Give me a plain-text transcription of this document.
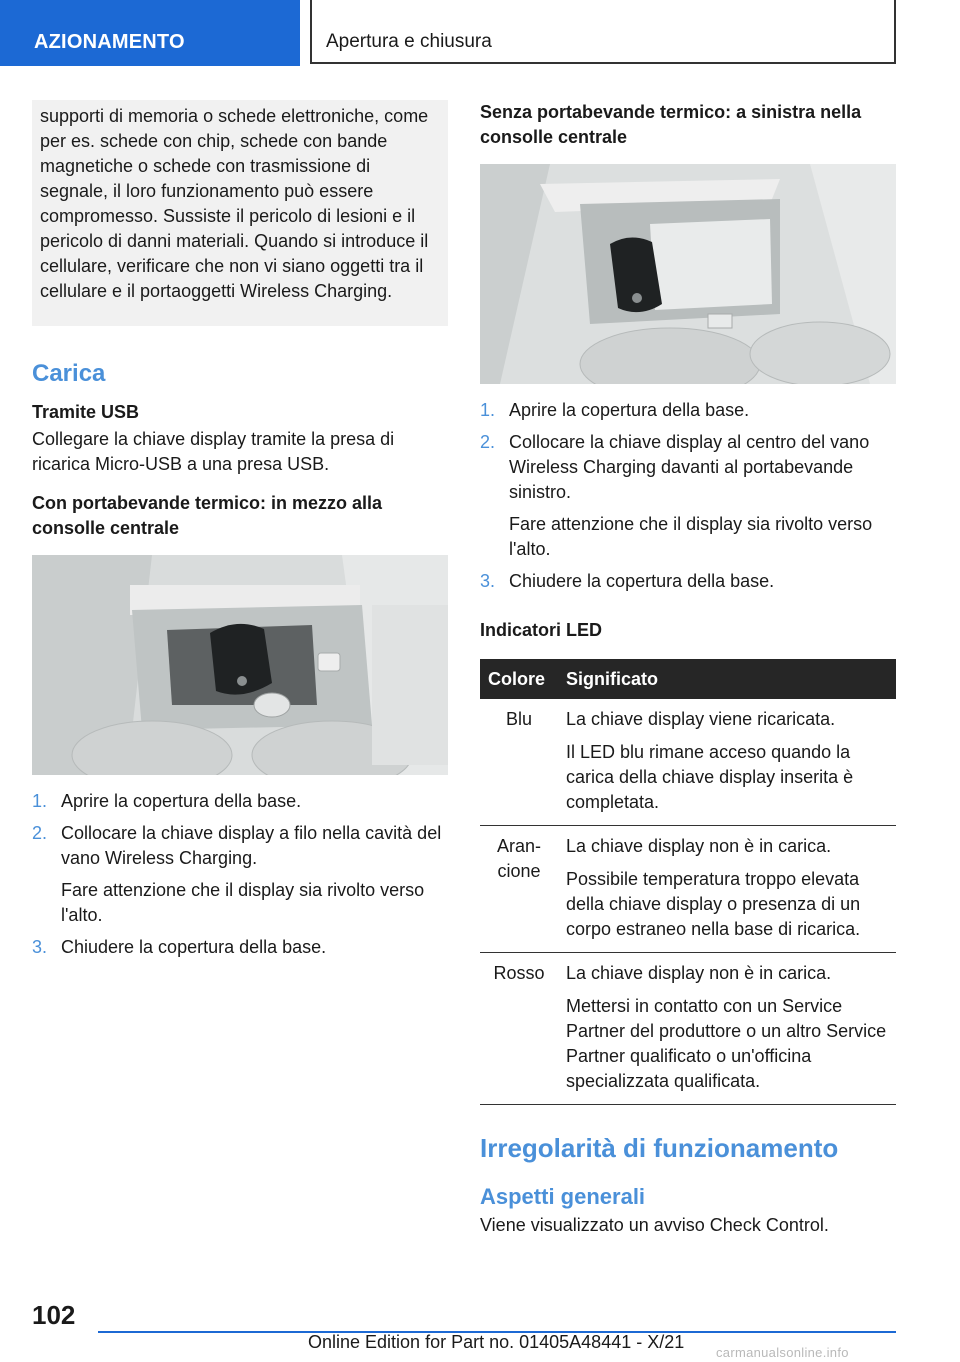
AZIONAMENTO	Apertura e chiusura
supporti di memoria o schede elettroniche, come per es. schede con chip, schede con bande magnetiche o schede con trasmissione di segnale, il loro funzionamento può essere compromesso. Sussiste il pericolo di lesioni e il pericolo di danni materiali. Quando si introduce il cellulare, verificare che non vi siano oggetti tra il cellulare e il portaoggetti Wireless Charging.
Carica
Tramite USB

Collegare la chiave display tramite la presa di ricarica Micro-USB a una presa USB.

Con portabevande termico: in mezzo alla consolle centrale
1. Aprire la copertura della base.
2. Collocare la chiave display a filo nella cavità del vano Wireless Charging.
Fare attenzione che il display sia rivolto verso l'alto.
3. Chiudere la copertura della base.
Senza portabevande termico: a sinistra nella consolle centrale
1. Aprire la copertura della base.
2. Collocare la chiave display al centro del vano Wireless Charging davanti al portabevande sinistro.
Fare attenzione che il display sia rivolto verso l'alto.
3. Chiudere la copertura della base.
Indicatori LED
Colore	Significato
Blu	La chiave display viene ricaricata.
Il LED blu rimane acceso quando la carica della chiave display inserita è completata.

Aran-cione	La chiave display non è in carica.
Possibile temperatura troppo elevata della chiave display o presenza di un corpo estraneo nella base di ricarica.

Rosso	La chiave display non è in carica.
Mettersi in contatto con un Service Partner del produttore o un altro Service Partner qualificato o un'officina specializzata qualificata.
Irregolarità di funzionamento
Aspetti generali

Viene visualizzato un avviso Check Control.

102
Online Edition for Part no. 01405A48441 - X/21
carmanualsonline.info
